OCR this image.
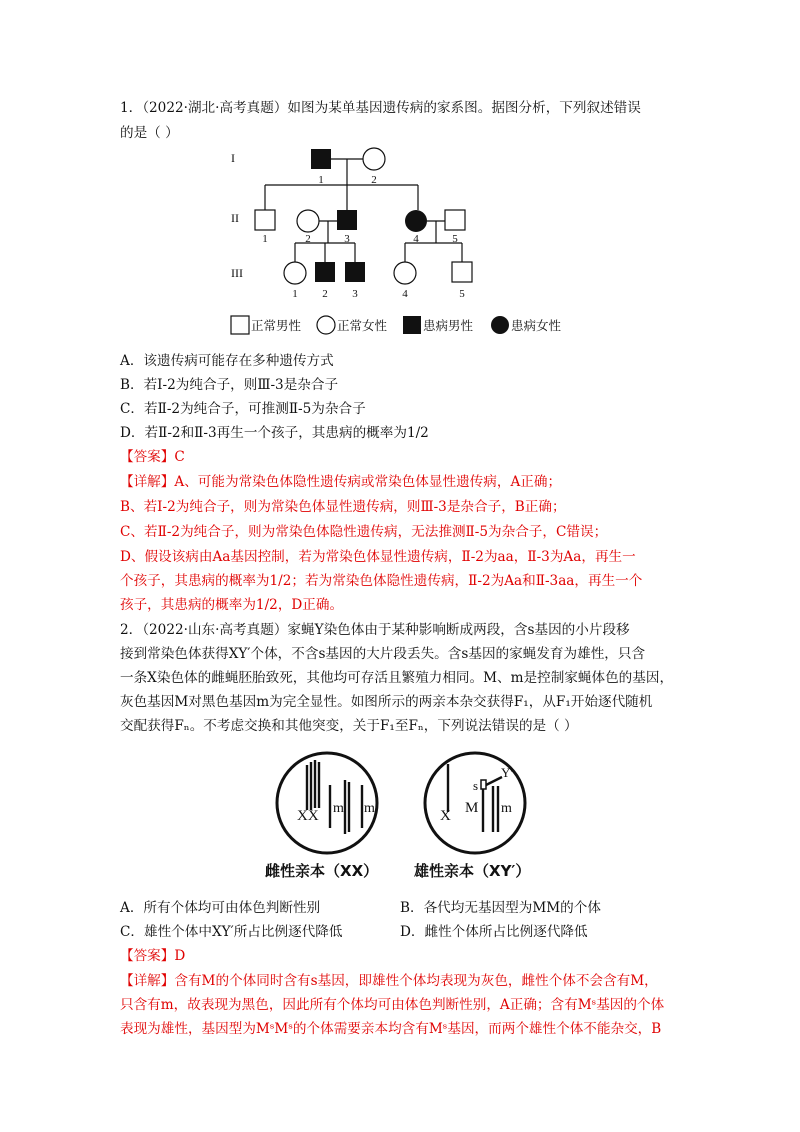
1．（2022·湖北·高考真题）如图为某单基因遗传病的家系图。据图分析，下列叙述错误
的是（ ）
I
II
III
1	2
1	2	3	4	5
1 2 3	4	5
正常男性	正常女性	患病男性	患病女性
A．该遗传病可能存在多种遗传方式
B．若Ⅰ-2为纯合子，则Ⅲ-3是杂合子
C．若Ⅱ-2为纯合子，可推测Ⅱ-5为杂合子
D．若Ⅱ-2和Ⅱ-3再生一个孩子，其患病的概率为1/2
【答案】C
【详解】A、可能为常染色体隐性遗传病或常染色体显性遗传病，A正确；
B、若Ⅰ-2为纯合子，则为常染色体显性遗传病，则Ⅲ-3是杂合子，B正确；
C、若Ⅱ-2为纯合子，则为常染色体隐性遗传病，无法推测Ⅱ-5为杂合子，C错误；
D、假设该病由Aa基因控制，若为常染色体显性遗传病，Ⅱ-2为aa，Ⅱ-3为Aa，再生一
个孩子，其患病的概率为1/2；若为常染色体隐性遗传病，Ⅱ-2为Aa和Ⅱ-3aa，再生一个
孩子，其患病的概率为1/2，D正确。
2．（2022·山东·高考真题）家蝇Y染色体由于某种影响断成两段，含s基因的小片段移
接到常染色体获得XY′个体，不含s基因的大片段丢失。含s基因的家蝇发育为雄性，只含
一条X染色体的雌蝇胚胎致死，其他均可存活且繁殖力相同。M、m是控制家蝇体色的基因，
灰色基因M对黑色基因m为完全显性。如图所示的两亲本杂交获得F₁，从F₁开始逐代随机
交配获得Fₙ。不考虑交换和其他突变，关于F₁至Fₙ，下列说法错误的是（ ）
XX m m
s
Y′
X M m
雌性亲本（XX） 雄性亲本（XY′）
A．所有个体均可由体色判断性别	B．各代均无基因型为MM的个体
C．雄性个体中XY′所占比例逐代降低	D．雌性个体所占比例逐代降低
【答案】D
【详解】含有M的个体同时含有s基因，即雄性个体均表现为灰色，雌性个体不会含有M，
只含有m，故表现为黑色，因此所有个体均可由体色判断性别，A正确；含有Mˢ基因的个体
表现为雄性，基因型为MˢMˢ的个体需要亲本均含有Mˢ基因，而两个雄性个体不能杂交，B
